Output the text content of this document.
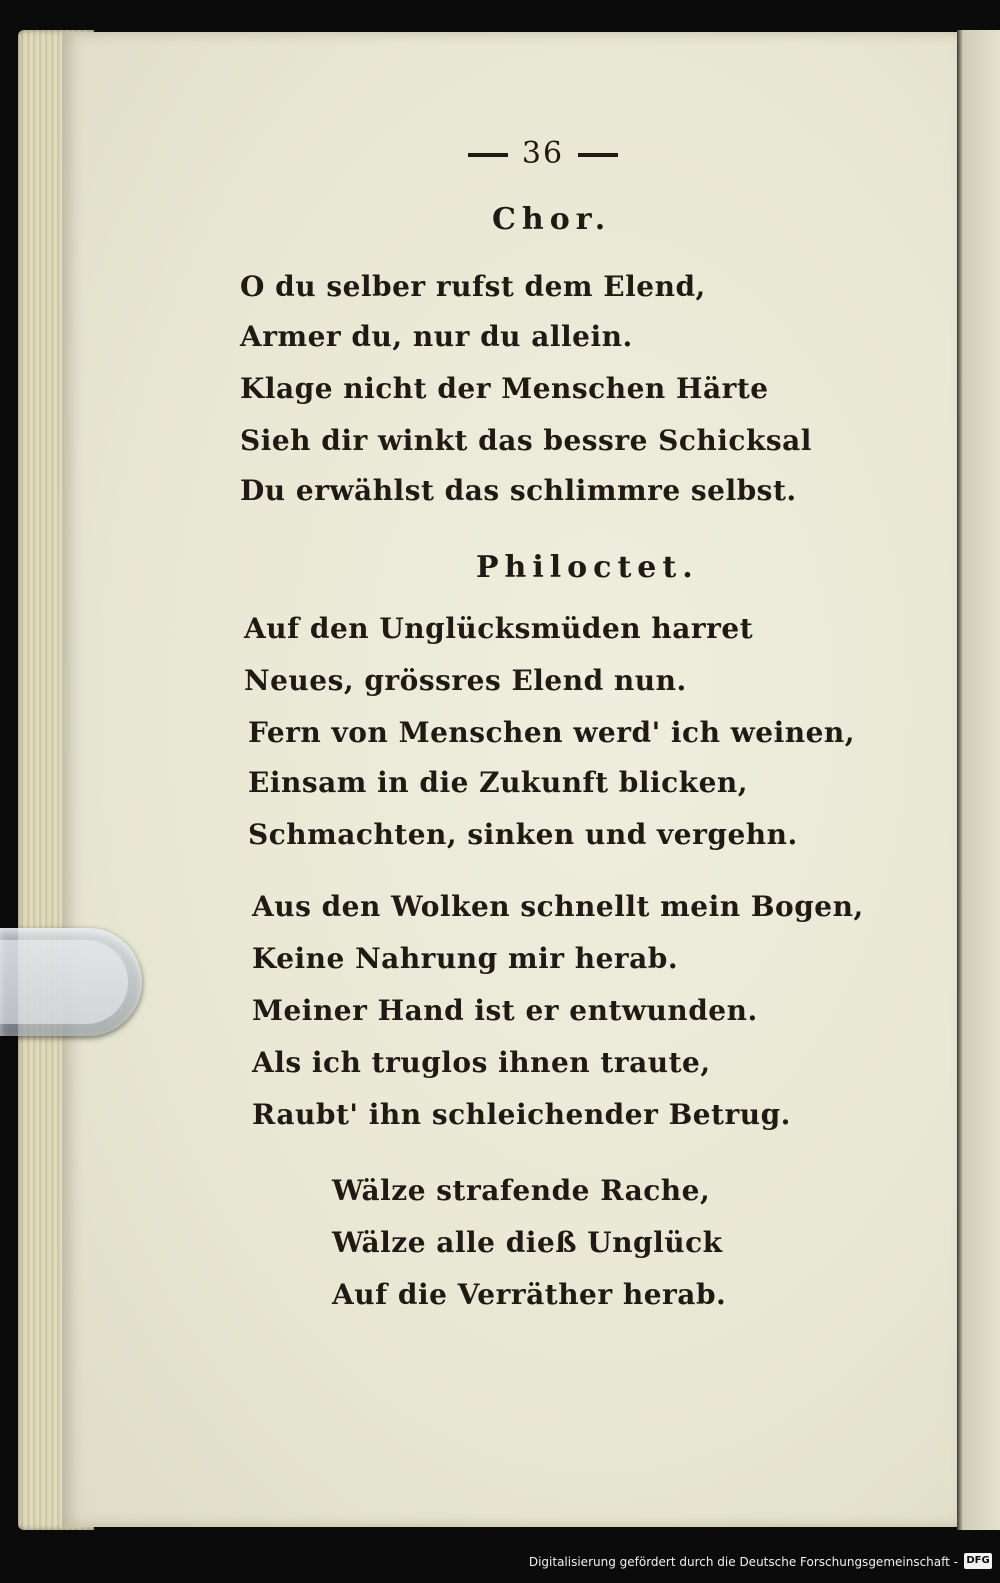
36
Chor.
O du selber rufst dem Elend,
Armer du, nur du allein.
Klage nicht der Menschen Härte
Sieh dir winkt das bessre Schicksal
Du erwählst das schlimmre selbst.
Philoctet.
Auf den Unglücksmüden harret
Neues, grössres Elend nun.
Fern von Menschen werd' ich weinen,
Einsam in die Zukunft blicken,
Schmachten, sinken und vergehn.
Aus den Wolken schnellt mein Bogen,
Keine Nahrung mir herab.
Meiner Hand ist er entwunden.
Als ich truglos ihnen traute,
Raubt' ihn schleichender Betrug.
Wälze strafende Rache,
Wälze alle dieß Unglück
Auf die Verräther herab.
Digitalisierung gefördert durch die Deutsche Forschungsgemeinschaft - DFG
